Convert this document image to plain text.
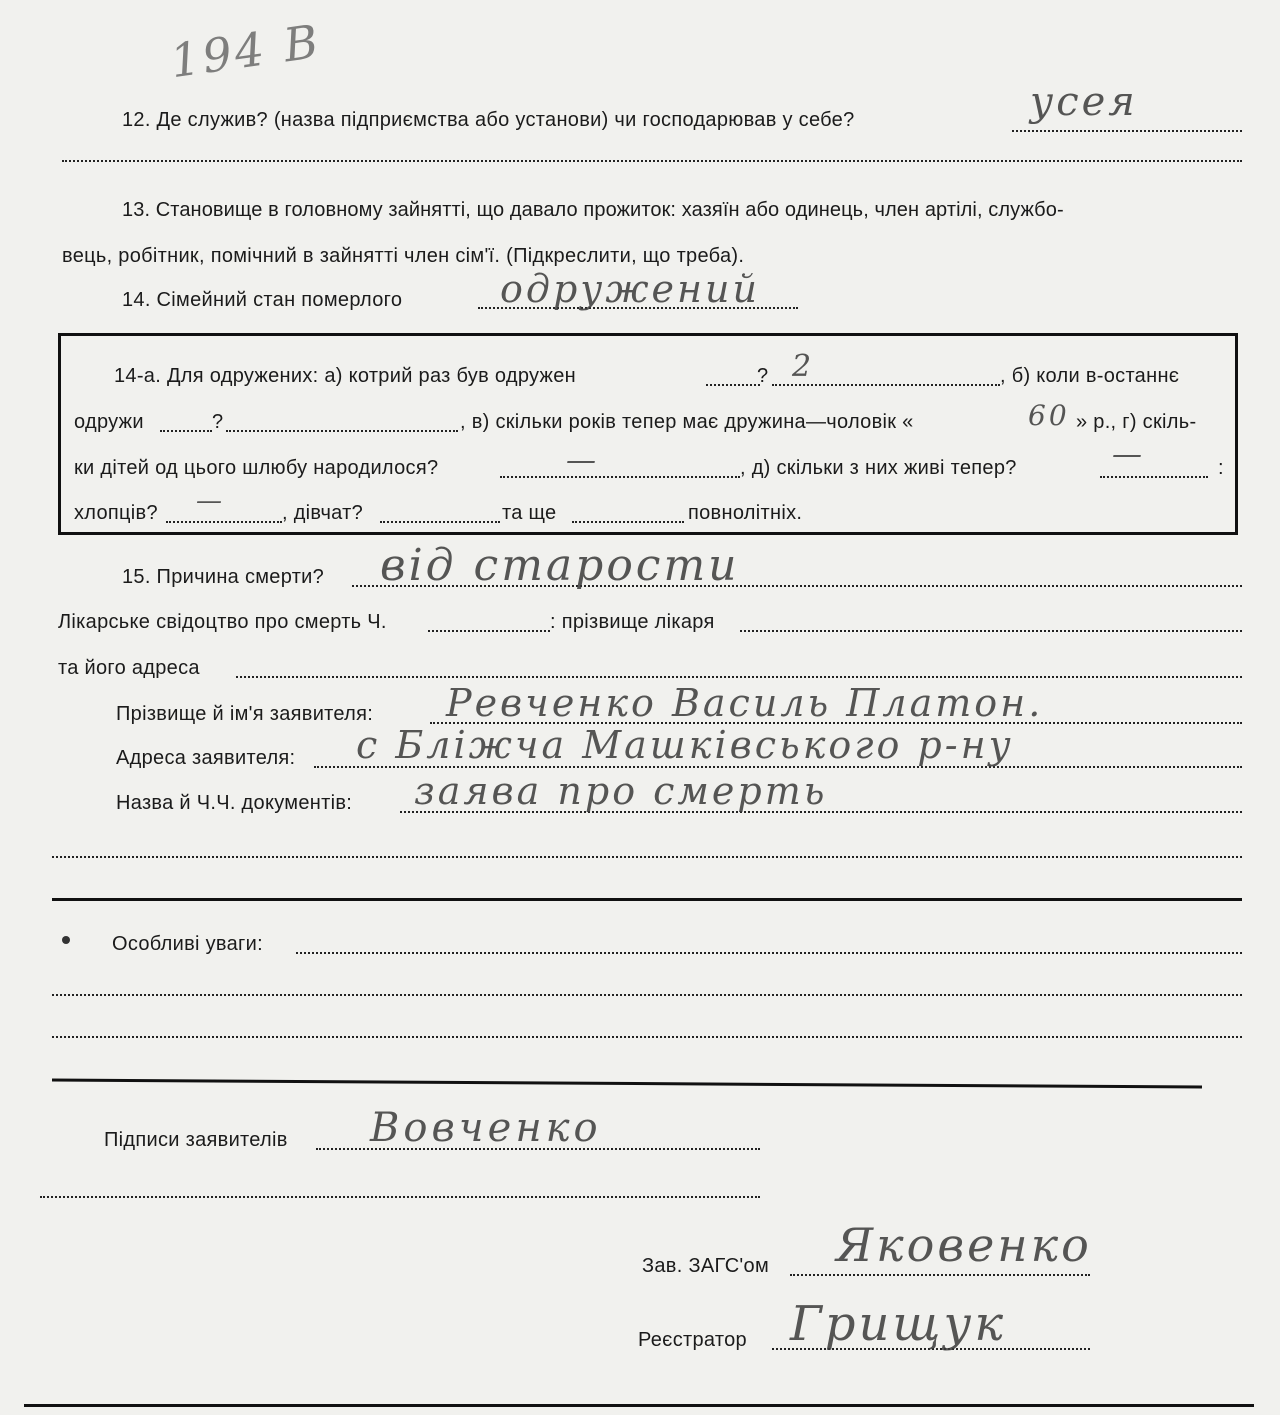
194 В
12. Де служив? (назва підприємства або установи) чи господарював у себе?	усея
13. Становище в головному зайнятті, що давало прожиток: хазяїн або одинець, член артілі, службо-
вець, робітник, помічний в зайнятті член сім'ї. (Підкреслити, що треба).
14. Сімейний стан померлого	одружений
14-а. Для одружених: а) котрий раз був одружен	? 2	, б) коли в-останнє
одружи	?	, в) скільки років тепер має дружина—чоловік «	60 » р., г) скіль-
ки дітей од цього шлюбу народилося?	—	, д) скільки з них живі тепер?	—	:
хлопців? —	, дівчат?	та ще	повнолітніх.
15. Причина смерти? від старости
Лікарське свідоцтво про смерть Ч.	: прізвище лікаря
та його адреса
Прізвище й ім'я заявителя: Ревченко Василь Платон.
Адреса заявителя: с Бліжча Машківського р-ну
Назва й Ч.Ч. документів: заява про смерть
Особливі уваги:
Підписи заявителів Вовченко
Зав. ЗАГС'ом Яковенко
Реєстратор Грищук
